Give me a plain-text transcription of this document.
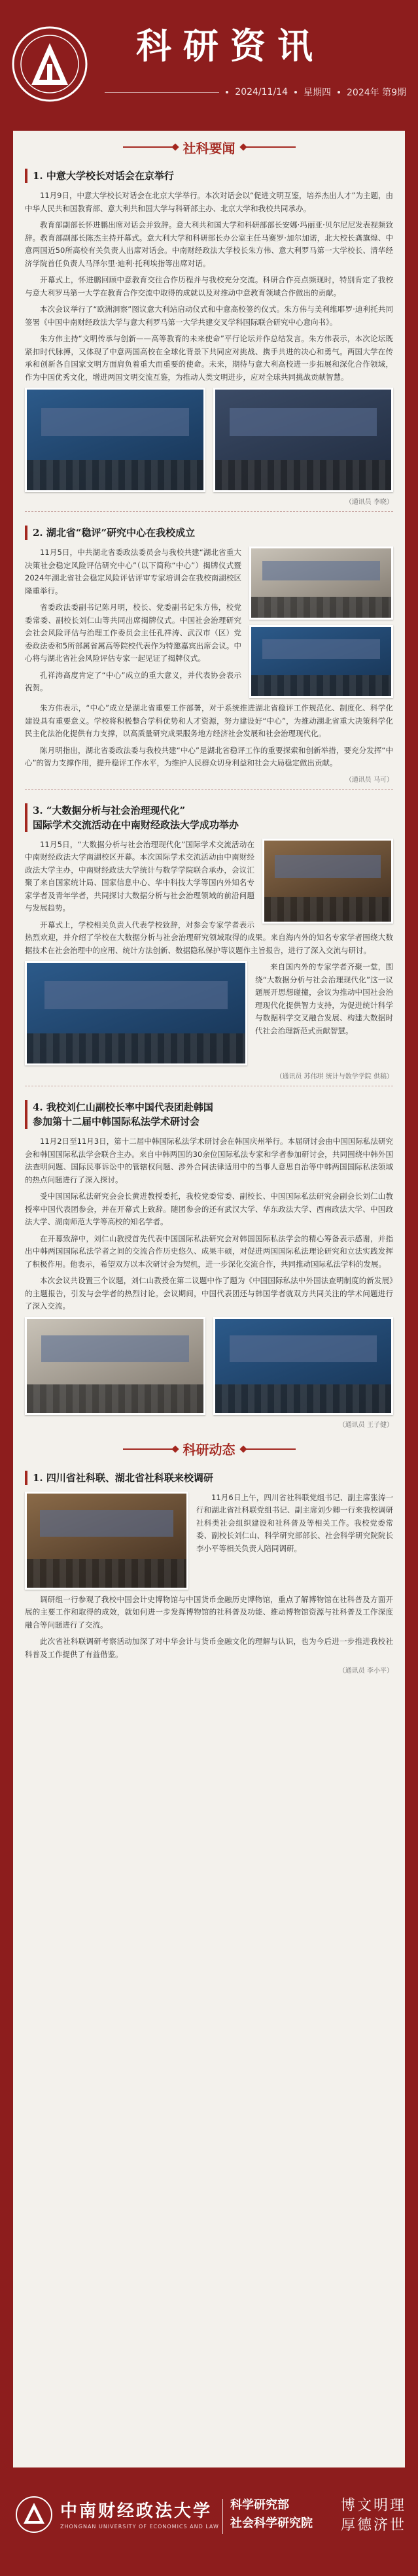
科研资讯
2024/11/14 星期四 2024年 第9期
社科要闻
1. 中意大学校长对话会在京举行

11月9日，中意大学校长对话会在北京大学举行。本次对话会以“促进文明互鉴，培养杰出人才”为主题，由中华人民共和国教育部、意大利共和国大学与科研部主办、北京大学和我校共同承办。

教育部副部长怀进鹏出席对话会并致辞。意大利共和国大学和科研部部长安娜·玛丽亚·贝尔尼尼发表视频致辞。教育部副部长陈杰主持开幕式。意大利大学和科研部长办公室主任马赛罗·加尔加诺，北大校长龚旗煌、中意两国近50所高校有关负责人出席对话会。中南财经政法大学校长朱方伟、意大利罗马第一大学校长、清华经济学院首任负责人马泽尔里·迪利·托利埃指等出席对话。

开幕式上，怀进鹏回顾中意教育交往合作历程并与我校充分交流。科研合作亮点频现时，特别肯定了我校与意大利罗马第一大学在教育合作交流中取得的成就以及对推动中意教育领域合作做出的贡献。

本次会议举行了“欧洲洞察”图议意大利站启动仪式和中意高校签约仪式。朱方伟与美利维耶罗·迪利托共同签署《中国中南财经政法大学与意大利罗马第一大学共建交叉学科国际联合研究中心意向书》。

朱方伟主持“文明传承与创新——高等教育的未来使命”平行论坛并作总结发言。朱方伟表示，本次论坛既紧扣时代脉搏，又体现了中意两国高校在全球化背景下共同应对挑战、携手共进的决心和勇气。两国大学在传承和创新各自国家文明方面肩负着重大而重要的使命。未来，期待与意大利高校进一步拓展和深化合作领域，作为中国优秀文化，增进两国文明交流互鉴，为推动人类文明进步，应对全球共同挑战贡献智慧。

（通讯员 李晓）
2. 湖北省“稳评”研究中心在我校成立

11月5日，中共湖北省委政法委员会与我校共建“湖北省重大决策社会稳定风险评估研究中心”（以下简称“中心”）揭牌仪式暨2024年湖北省社会稳定风险评估评审专家培训会在我校南湖校区隆重举行。

省委政法委副书记陈月明，校长、党委副书记朱方伟，校党委常委、副校长刘仁山等共同出席揭牌仪式。中国社会治理研究会社会风险评估与治理工作委员会主任孔祥涛、武汉市（区）党委政法委和5所部属省属高等院校代表作为特邀嘉宾出席会议。中心将与湖北省社会风险评估专家一起见证了揭牌仪式。

孔祥涛高度肯定了“中心”成立的重大意义，并代表协会表示祝贺。

朱方伟表示，“中心”成立是湖北省重要工作部署，对于系统推进湖北省稳评工作规范化、制度化、科学化建设具有重要意义。学校将积极整合学科优势和人才资源，努力建设好“中心”，为推动湖北省重大决策科学化民主化法治化提供有力支撑，以高质量研究成果服务地方经济社会发展和社会治理现代化。

陈月明指出，湖北省委政法委与我校共建“中心”是湖北省稳评工作的重要探索和创新举措，要充分发挥“中心”的智力支撑作用，提升稳评工作水平，为维护人民群众切身利益和社会大局稳定做出贡献。

（通讯员 马可）
3. “大数据分析与社会治理现代化”
国际学术交流活动在中南财经政法大学成功举办

11月5日，“大数据分析与社会治理现代化”国际学术交流活动在中南财经政法大学南湖校区开幕。本次国际学术交流活动由中南财经政法大学主办，中南财经政法大学统计与数学学院联合承办，会议汇聚了来自国家统计局、国家信息中心、华中科技大学等国内外知名专家学者及青年学者，共同探讨大数据分析与社会治理领域的前沿问题与发展趋势。

开幕式上，学校相关负责人代表学校致辞，对参会专家学者表示热烈欢迎，并介绍了学校在大数据分析与社会治理研究领域取得的成果。来自海内外的知名专家学者围绕大数据技术在社会治理中的应用、统计方法创新、数据隐私保护等议题作主旨报告，进行了深入交流与研讨。

来自国内外的专家学者齐聚一堂，围绕“大数据分析与社会治理现代化”这一议题展开思想碰撞，会议为推动中国社会治理现代化提供智力支持，为促进统计科学与数据科学交叉融合发展、构建大数据时代社会治理新范式贡献智慧。

（通讯员 苏伟琪 统计与数学学院 供稿）
4. 我校刘仁山副校长率中国代表团赴韩国
参加第十二届中韩国际私法学术研讨会

11月2日至11月3日，第十二届中韩国际私法学术研讨会在韩国庆州举行。本届研讨会由中国国际私法研究会和韩国国际私法学会联合主办。来自中韩两国的30余位国际私法专家和学者参加研讨会，共同围绕中韩外国法查明问题、国际民事诉讼中的管辖权问题、涉外合同法律适用中的当事人意思自治等中韩两国国际私法领域的热点问题进行了深入探讨。

受中国国际私法研究会会长黄进教授委托，我校党委常委、副校长、中国国际私法研究会副会长刘仁山教授率中国代表团参会，并在开幕式上致辞。随团参会的还有武汉大学、华东政法大学、西南政法大学、中国政法大学、湖南师范大学等高校的知名学者。

在开幕致辞中，刘仁山教授首先代表中国国际私法研究会对韩国国际私法学会的精心筹备表示感谢，并指出中韩两国国际私法学者之间的交流合作历史悠久、成果丰硕，对促进两国国际私法理论研究和立法实践发挥了积极作用。他表示，希望双方以本次研讨会为契机，进一步深化交流合作，共同推动国际私法学科的发展。

本次会议共设置三个议题，刘仁山教授在第二议题中作了题为《中国国际私法中外国法查明制度的新发展》的主题报告，引发与会学者的热烈讨论。会议期间，中国代表团还与韩国学者就双方共同关注的学术问题进行了深入交流。

（通讯员 王子健）
科研动态
1. 四川省社科联、湖北省社科联来校调研

11月6日上午，四川省社科联党组书记、副主席张涛一行和湖北省社科联党组书记、副主席刘少卿一行来我校调研社科类社会组织建设和社科普及等相关工作。我校党委常委、副校长刘仁山、科学研究部部长、社会科学研究院院长李小平等相关负责人陪同调研。

调研组一行参观了我校中国会计史博物馆与中国货币金融历史博物馆，重点了解博物馆在社科普及方面开展的主要工作和取得的成效，就如何进一步发挥博物馆的社科普及功能、推动博物馆资源与社科普及工作深度融合等问题进行了交流。

此次省社科联调研考察活动加深了对中华会计与货币金融文化的理解与认识，也为今后进一步推进我校社科普及工作提供了有益借鉴。

（通讯员 李小平）
中南财经政法大学
ZHONGNAN UNIVERSITY OF ECONOMICS AND LAW
科学研究部
社会科学研究院
博文明理
厚德济世
